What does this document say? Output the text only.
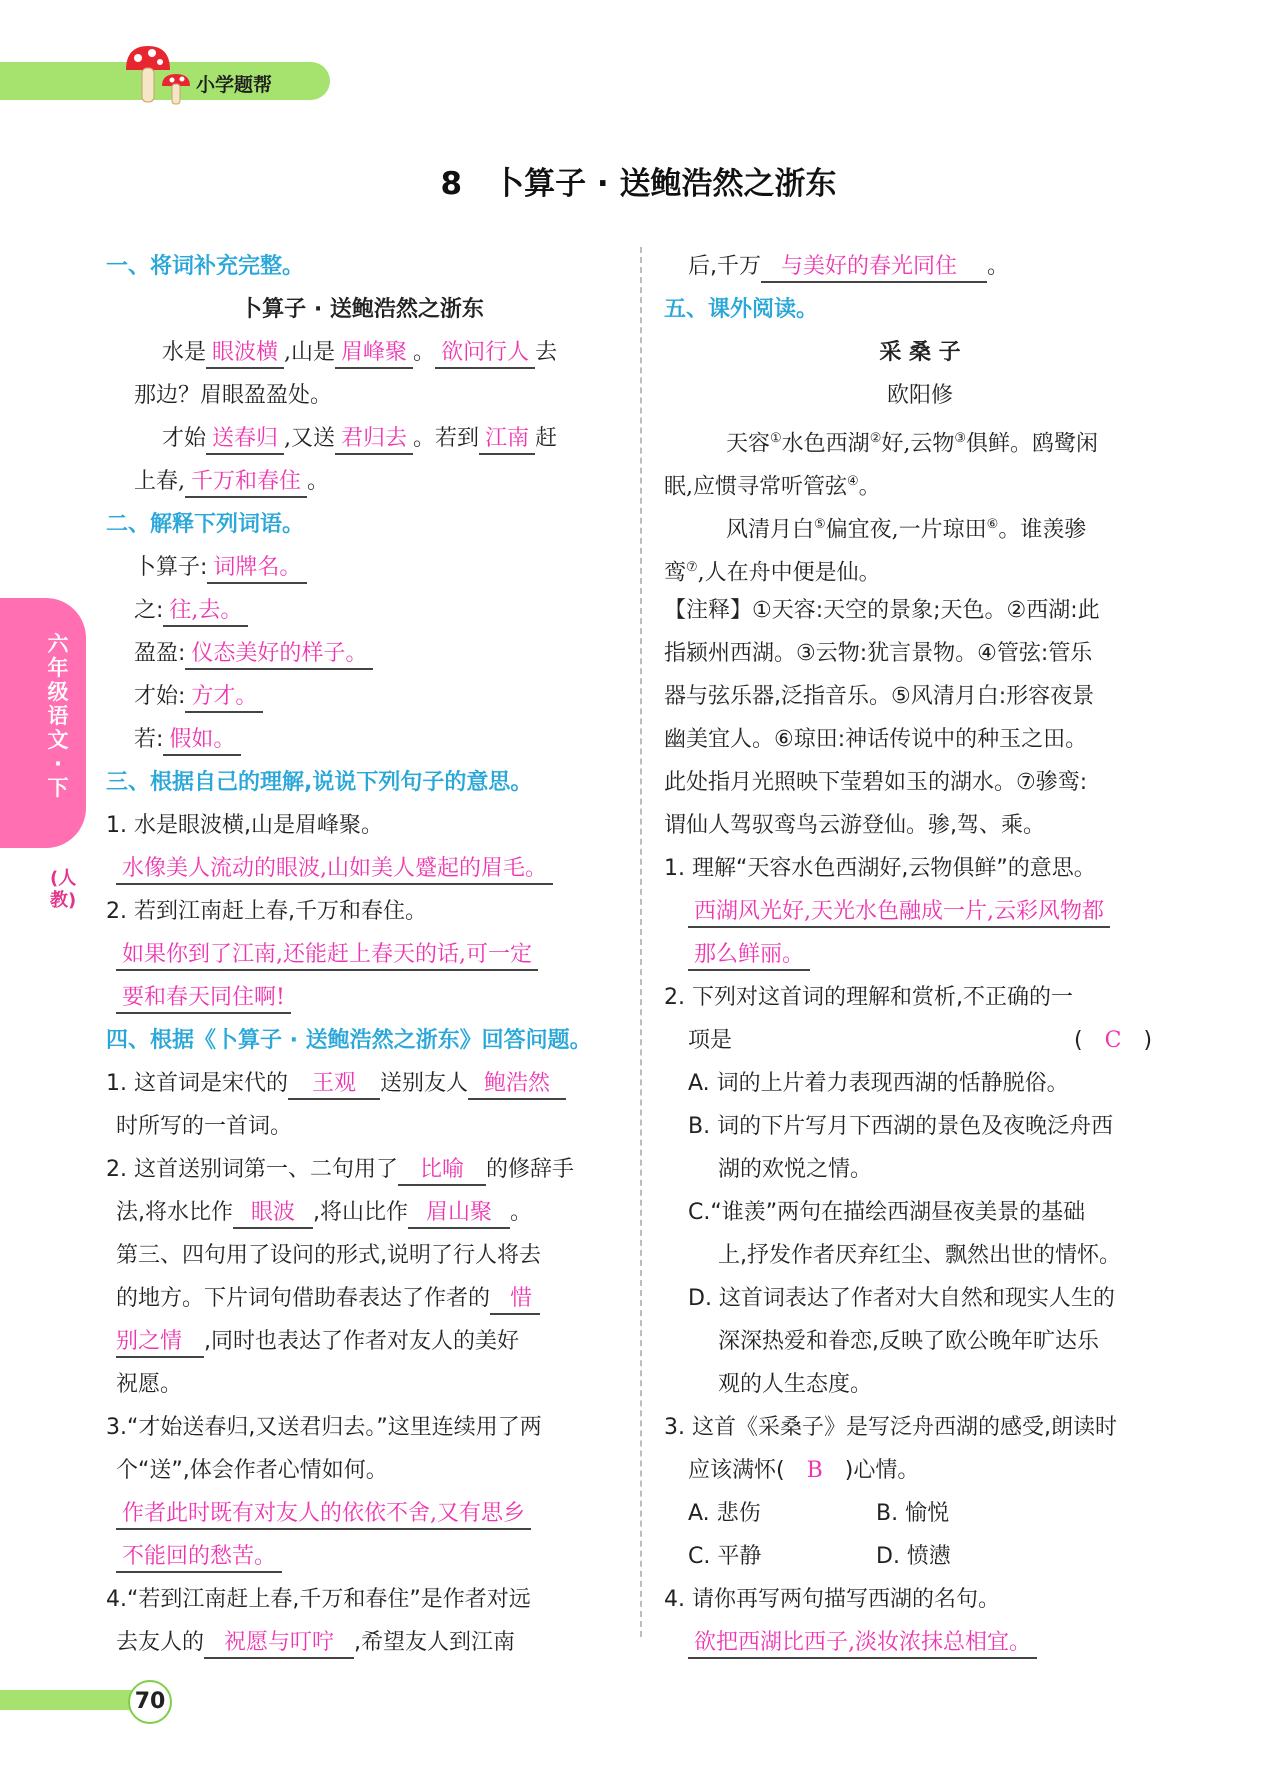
小学题帮
8　卜算子 · 送鲍浩然之浙东
六年级语文·下
(人教)
一、将词补充完整。
卜算子 · 送鲍浩然之浙东
水是 眼波横 ,山是 眉峰聚 。 欲问行人 去
那边？眉眼盈盈处。
才始 送春归 ,又送 君归去 。若到 江南 赶
上春, 千万和春住 。
二、解释下列词语。
卜算子: 词牌名。
之: 往,去。
盈盈: 仪态美好的样子。
才始: 方才。
若: 假如。
三、根据自己的理解,说说下列句子的意思。
1. 水是眼波横,山是眉峰聚。
水像美人流动的眼波,山如美人蹙起的眉毛。
2. 若到江南赶上春,千万和春住。
如果你到了江南,还能赶上春天的话,可一定
要和春天同住啊!
四、根据《卜算子 · 送鲍浩然之浙东》回答问题。
1. 这首词是宋代的 王观 送别友人 鲍浩然
时所写的一首词。
2. 这首送别词第一、二句用了 比喻 的修辞手
法,将水比作 眼波 ,将山比作 眉山聚 。
第三、四句用了设问的形式,说明了行人将去
的地方。下片词句借助春表达了作者的 惜
别之情 ,同时也表达了作者对友人的美好
祝愿。
3.“才始送春归,又送君归去。”这里连续用了两
个“送”,体会作者心情如何。
作者此时既有对友人的依依不舍,又有思乡
不能回的愁苦。
4.“若到江南赶上春,千万和春住”是作者对远
去友人的 祝愿与叮咛 ,希望友人到江南
后,千万 与美好的春光同住 。
五、课外阅读。
采 桑 子
欧阳修
天容①水色西湖②好,云物③俱鲜。鸥鹭闲
眠,应惯寻常听管弦④。
风清月白⑤偏宜夜,一片琼田⑥。谁羡骖
鸾⑦,人在舟中便是仙。
【注释】①天容:天空的景象;天色。②西湖:此
指颍州西湖。③云物:犹言景物。④管弦:管乐
器与弦乐器,泛指音乐。⑤风清月白:形容夜景
幽美宜人。⑥琼田:神话传说中的种玉之田。
此处指月光照映下莹碧如玉的湖水。⑦骖鸾:
谓仙人驾驭鸾鸟云游登仙。骖,驾、乘。
1. 理解“天容水色西湖好,云物俱鲜”的意思。
西湖风光好,天光水色融成一片,云彩风物都
那么鲜丽。
2. 下列对这首词的理解和赏析,不正确的一
项是	( C )
A. 词的上片着力表现西湖的恬静脱俗。
B. 词的下片写月下西湖的景色及夜晚泛舟西
湖的欢悦之情。
C.“谁羡”两句在描绘西湖昼夜美景的基础
上,抒发作者厌弃红尘、飘然出世的情怀。
D. 这首词表达了作者对大自然和现实人生的
深深热爱和眷恋,反映了欧公晚年旷达乐
观的人生态度。
3. 这首《采桑子》是写泛舟西湖的感受,朗读时
应该满怀( B )心情。
A. 悲伤	B. 愉悦
C. 平静	D. 愤懑
4. 请你再写两句描写西湖的名句。
欲把西湖比西子,淡妆浓抹总相宜。
70
